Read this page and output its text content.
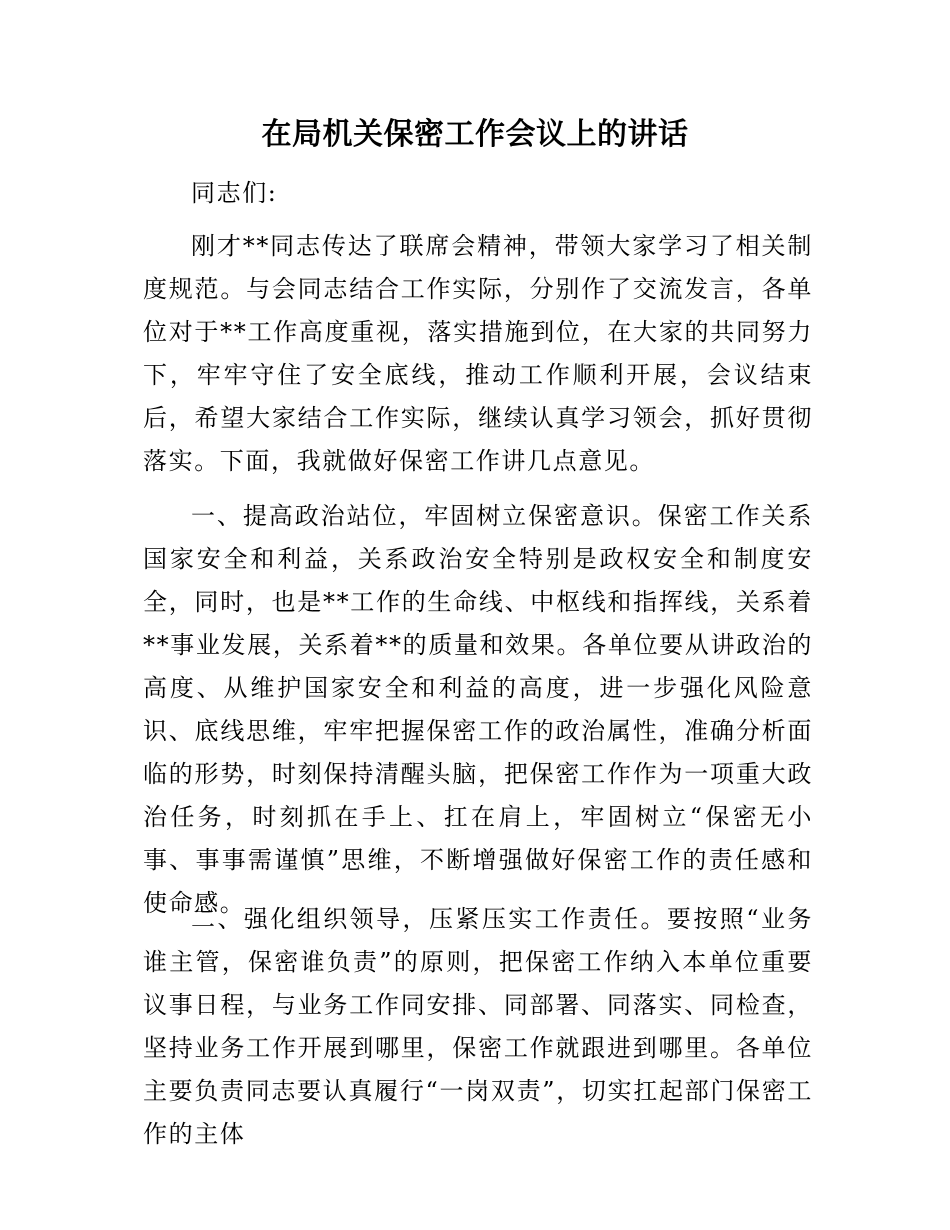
在局机关保密工作会议上的讲话

同志们:

刚才**同志传达了联席会精神，带领大家学习了相关制度规范。与会同志结合工作实际，分别作了交流发言，各单位对于**工作高度重视，落实措施到位，在大家的共同努力下，牢牢守住了安全底线，推动工作顺利开展，会议结束后，希望大家结合工作实际，继续认真学习领会，抓好贯彻落实。下面，我就做好保密工作讲几点意见。

一、提高政治站位，牢固树立保密意识。保密工作关系国家安全和利益，关系政治安全特别是政权安全和制度安全，同时，也是**工作的生命线、中枢线和指挥线，关系着**事业发展，关系着**的质量和效果。各单位要从讲政治的高度、从维护国家安全和利益的高度，进一步强化风险意识、底线思维，牢牢把握保密工作的政治属性，准确分析面临的形势，时刻保持清醒头脑，把保密工作作为一项重大政治任务，时刻抓在手上、扛在肩上，牢固树立“保密无小事、事事需谨慎”思维，不断增强做好保密工作的责任感和使命感。

二、强化组织领导，压紧压实工作责任。要按照“业务谁主管，保密谁负责”的原则，把保密工作纳入本单位重要议事日程，与业务工作同安排、同部署、同落实、同检查，坚持业务工作开展到哪里，保密工作就跟进到哪里。各单位主要负责同志要认真履行“一岗双责”，切实扛起部门保密工作的主体
